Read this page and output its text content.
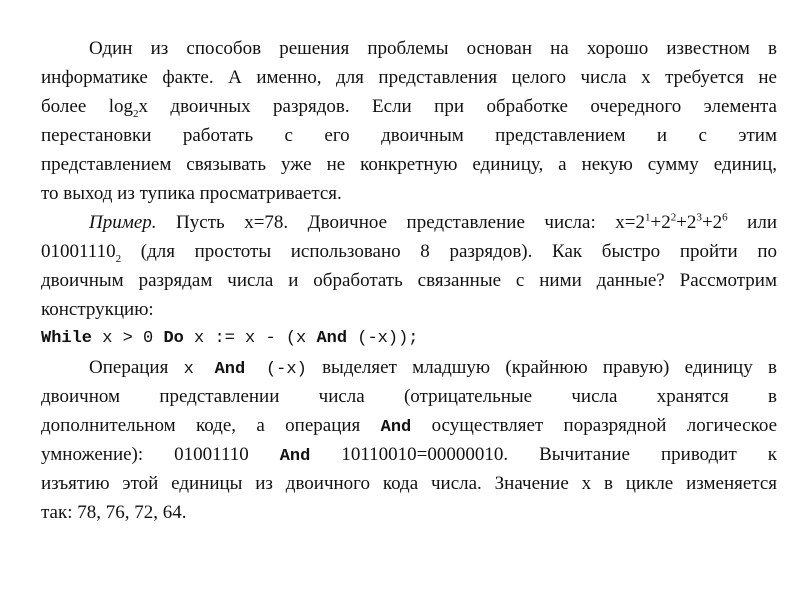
Один из способов решения проблемы основан на хорошо известном в
информатике факте. А именно, для представления целого числа x требуется не
более $\log_2x$ двоичных разрядов. Если при обработке очередного элемента
перестановки работать с его двоичным представлением и с этим
представлением связывать уже не конкретную единицу, а некую сумму единиц,
то выход из тупика просматривается.
Пример. Пусть x=78. Двоичное представление числа: $x=2^1+2^2+2^3+2^6$ или
$01001110_2$ (для простоты использовано 8 разрядов). Как быстро пройти по
двоичным разрядам числа и обработать связанные с ними данные? Рассмотрим
конструкцию:
While x > 0 Do x := x - (x And (-x));
Операция x And (-x) выделяет младшую (крайнюю правую) единицу в
двоичном представлении числа (отрицательные числа хранятся в
дополнительном коде, а операция And осуществляет поразрядной логическое
умножение): 01001110 And 10110010=00000010. Вычитание приводит к
изъятию этой единицы из двоичного кода числа. Значение x в цикле изменяется
так: 78, 76, 72, 64.
